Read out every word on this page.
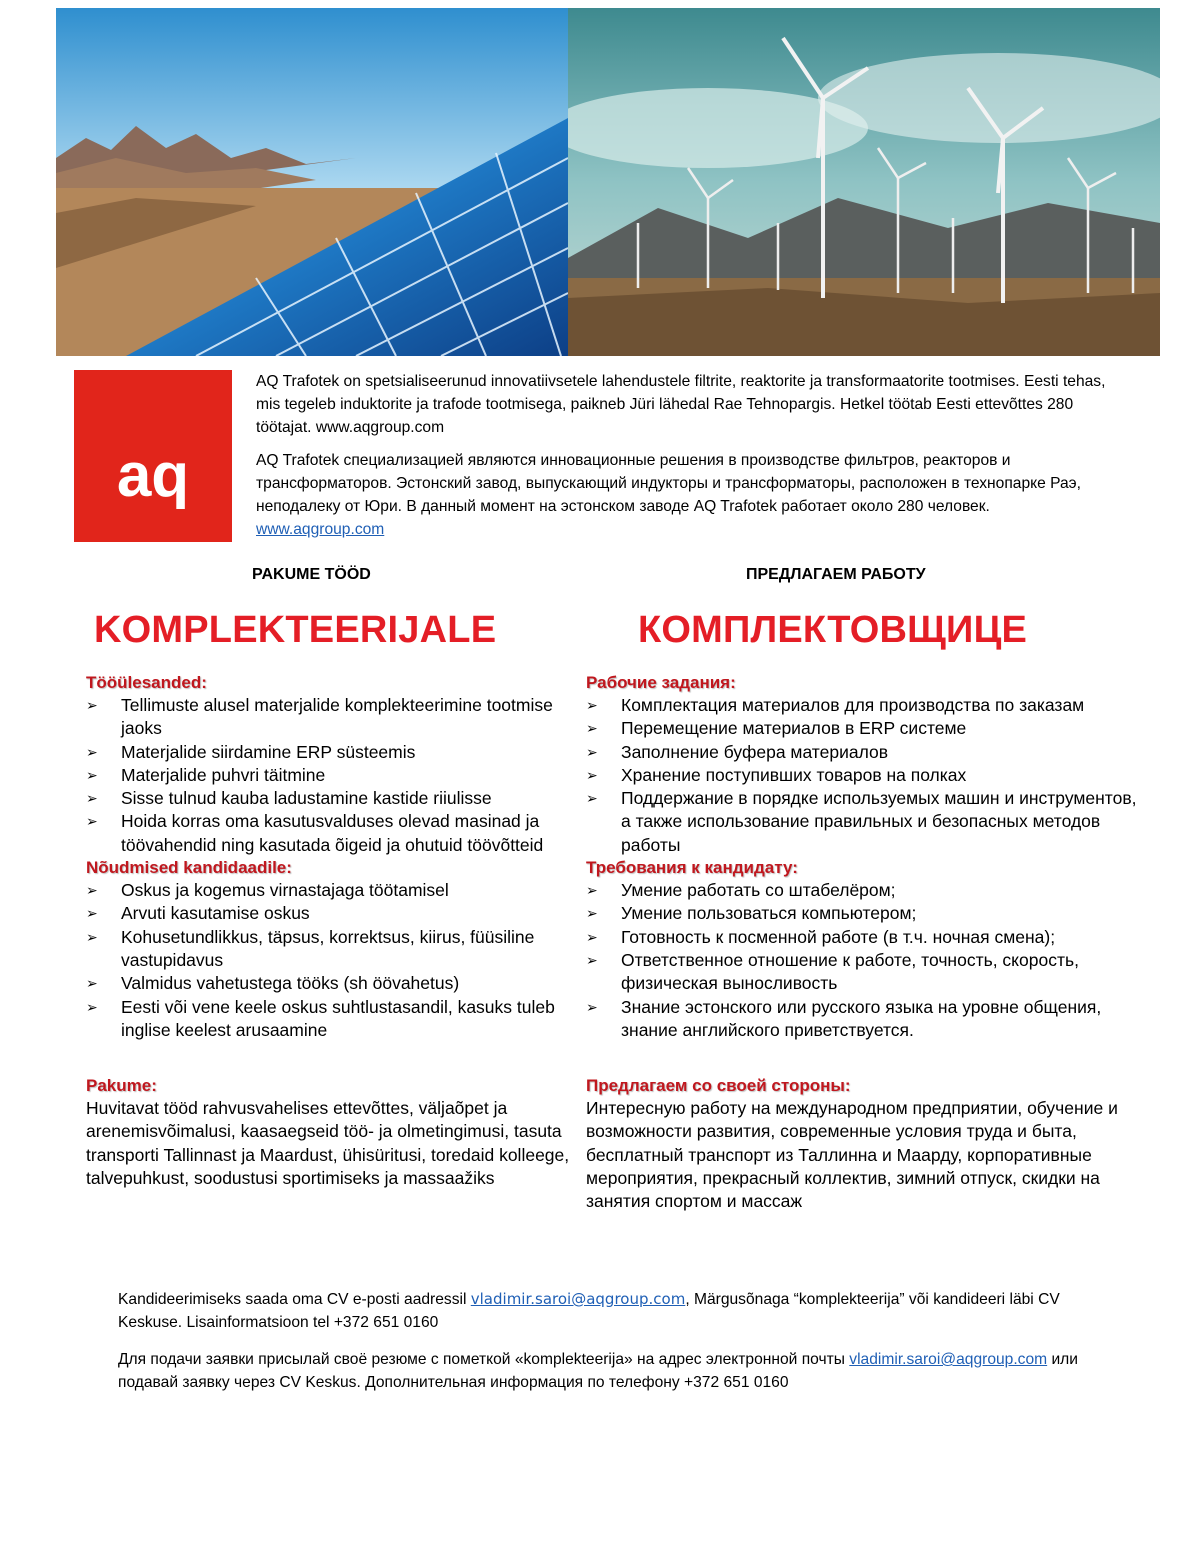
aq

AQ Trafotek on spetsialiseerunud innovatiivsetele lahendustele filtrite, reaktorite ja transformaatorite tootmises. Eesti tehas, mis tegeleb induktorite ja trafode tootmisega, paikneb Jüri lähedal Rae Tehnopargis. Hetkel töötab Eesti ettevõttes 280 töötajat. www.aqgroup.com

AQ Trafotek специализацией являются инновационные решения в производстве фильтров, реакторов и трансформаторов. Эстонский завод, выпускающий индукторы и трансформаторы, расположен в технопарке Раэ, неподалеку от Юри. В данный момент на эстонском заводе AQ Trafotek работает около 280 человек. www.aqgroup.com

PAKUME TÖÖD

KOMPLEKTEERIJALE

Tööülesanded:

➢ Tellimuste alusel materjalide komplekteerimine tootmise jaoks
➢ Materjalide siirdamine ERP süsteemis
➢ Materjalide puhvri täitmine
➢ Sisse tulnud kauba ladustamine kastide riiulisse
➢ Hoida korras oma kasutusvalduses olevad masinad ja töövahendid ning kasutada õigeid ja ohutuid töövõtteid

Nõudmised kandidaadile:

➢ Oskus ja kogemus virnastajaga töötamisel
➢ Arvuti kasutamise oskus
➢ Kohusetundlikkus, täpsus, korrektsus, kiirus, füüsiline vastupidavus
➢ Valmidus vahetustega tööks (sh öövahetus)
➢ Eesti või vene keele oskus suhtlustasandil, kasuks tuleb inglise keelest arusaamine

Pakume:

Huvitavat tööd rahvusvahelises ettevõttes, väljaõpet ja arenemisvõimalusi, kaasaegseid töö- ja olmetingimusi, tasuta transporti Tallinnast ja Maardust, ühisüritusi, toredaid kolleege, talvepuhkust, soodustusi sportimiseks ja massaažiks

ПРЕДЛАГАЕМ РАБОТУ

КОМПЛЕКТОВЩИЦЕ

Рабочие задания:

➢ Комплектация материалов для производства по заказам
➢ Перемещение материалов в ERP системе
➢ Заполнение буфера материалов
➢ Хранение поступивших товаров на полках
➢ Поддержание в порядке используемых машин и инструментов, а также использование правильных и безопасных методов работы

Требования к кандидату:

➢ Умение работать со штабелёром;
➢ Умение пользоваться компьютером;
➢ Готовность к посменной работе (в т.ч. ночная смена);
➢ Ответственное отношение к работе, точность, скорость, физическая выносливость
➢ Знание эстонского или русского языка на уровне общения, знание английского приветствуется.

Предлагаем со своей стороны:

Интересную работу на международном предприятии, обучение и возможности развития, современные условия труда и быта, бесплатный транспорт из Таллинна и Маарду, корпоративные мероприятия, прекрасный коллектив, зимний отпуск, скидки на занятия спортом и массаж

Kandideerimiseks saada oma CV e-posti aadressil vladimir.saroi@aqgroup.com, Märgusõnaga “komplekteerija” või kandideeri läbi CV Keskuse. Lisainformatsioon tel +372 651 0160

Для подачи заявки присылай своё резюме с пометкой «komplekteerija» на адрес электронной почты vladimir.saroi@aqgroup.com или подавай заявку через CV Keskus. Дополнительная информация по телефону +372 651 0160
